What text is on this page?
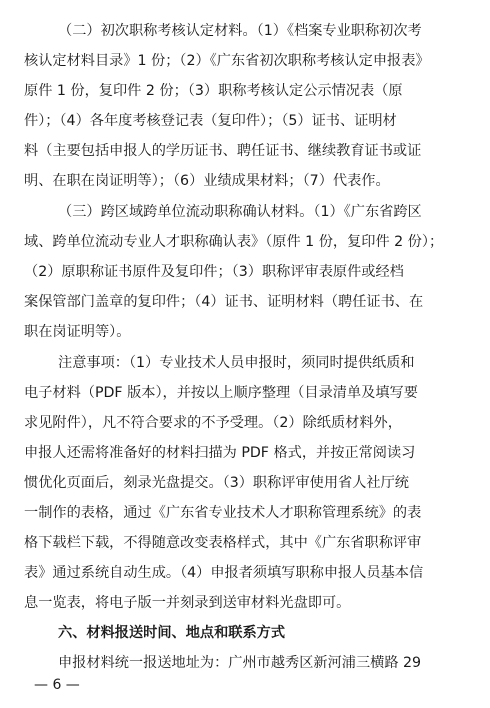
（二）初次职称考核认定材料。（1）《档案专业职称初次考
核认定材料目录》1 份；（2）《广东省初次职称考核认定申报表》
原件 1 份，复印件 2 份；（3）职称考核认定公示情况表（原
件）；（4）各年度考核登记表（复印件）；（5）证书、证明材
料（主要包括申报人的学历证书、聘任证书、继续教育证书或证
明、在职在岗证明等）；（6）业绩成果材料；（7）代表作。
（三）跨区域跨单位流动职称确认材料。（1）《广东省跨区
域、跨单位流动专业人才职称确认表》（原件 1 份，复印件 2 份）；
（2）原职称证书原件及复印件；（3）职称评审表原件或经档
案保管部门盖章的复印件；（4）证书、证明材料（聘任证书、在
职在岗证明等）。
注意事项：（1）专业技术人员申报时，须同时提供纸质和
电子材料（PDF 版本），并按以上顺序整理（目录清单及填写要
求见附件），凡不符合要求的不予受理。（2）除纸质材料外，
申报人还需将准备好的材料扫描为 PDF 格式，并按正常阅读习
惯优化页面后，刻录光盘提交。（3）职称评审使用省人社厅统
一制作的表格，通过《广东省专业技术人才职称管理系统》的表
格下载栏下载，不得随意改变表格样式，其中《广东省职称评审
表》通过系统自动生成。（4）申报者须填写职称申报人员基本信
息一览表，将电子版一并刻录到送审材料光盘即可。
六、材料报送时间、地点和联系方式
申报材料统一报送地址为：广州市越秀区新河浦三横路 29
— 6 —
